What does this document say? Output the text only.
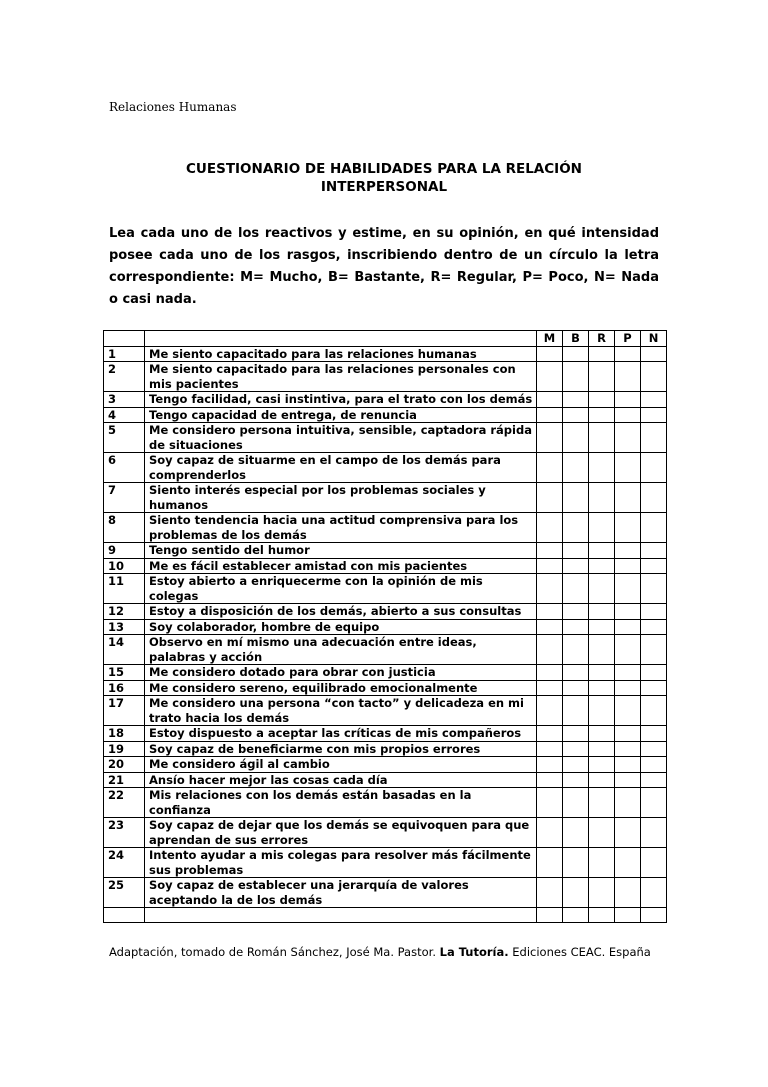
Relaciones Humanas
CUESTIONARIO DE HABILIDADES PARA LA RELACIÓN
INTERPERSONAL
Lea cada uno de los reactivos y estime, en su opinión, en qué intensidad posee cada uno de los rasgos, inscribiendo dentro de un círculo la letra correspondiente: M= Mucho, B= Bastante, R= Regular, P= Poco, N= Nada o casi nada.
		M	B	R	P	N
1	Me siento capacitado para las relaciones humanas					
2	Me siento capacitado para las relaciones personales con mis pacientes					
3	Tengo facilidad, casi instintiva, para el trato con los demás					
4	Tengo capacidad de entrega, de renuncia					
5	Me considero persona intuitiva, sensible, captadora rápida de situaciones					
6	Soy capaz de situarme en el campo de los demás para comprenderlos					
7	Siento interés especial por los problemas sociales y humanos					
8	Siento tendencia hacia una actitud comprensiva para los problemas de los demás					
9	Tengo sentido del humor					
10	Me es fácil establecer amistad con mis pacientes					
11	Estoy abierto a enriquecerme con la opinión de mis colegas					
12	Estoy a disposición de los demás, abierto a sus consultas					
13	Soy colaborador, hombre de equipo					
14	Observo en mí mismo una adecuación entre ideas, palabras y acción					
15	Me considero dotado para obrar con justicia					
16	Me considero sereno, equilibrado emocionalmente					
17	Me considero una persona “con tacto” y delicadeza en mi trato hacia los demás					
18	Estoy dispuesto a aceptar las críticas de mis compañeros					
19	Soy capaz de beneficiarme con mis propios errores					
20	Me considero ágil al cambio					
21	Ansío hacer mejor las cosas cada día					
22	Mis relaciones con los demás están basadas en la confianza					
23	Soy capaz de dejar que los demás se equivoquen para que aprendan de sus errores					
24	Intento ayudar a mis colegas para resolver más fácilmente sus problemas					
25	Soy capaz de establecer una jerarquía de valores aceptando la de los demás					

Adaptación, tomado de Román Sánchez, José Ma. Pastor. La Tutoría. Ediciones CEAC. España
